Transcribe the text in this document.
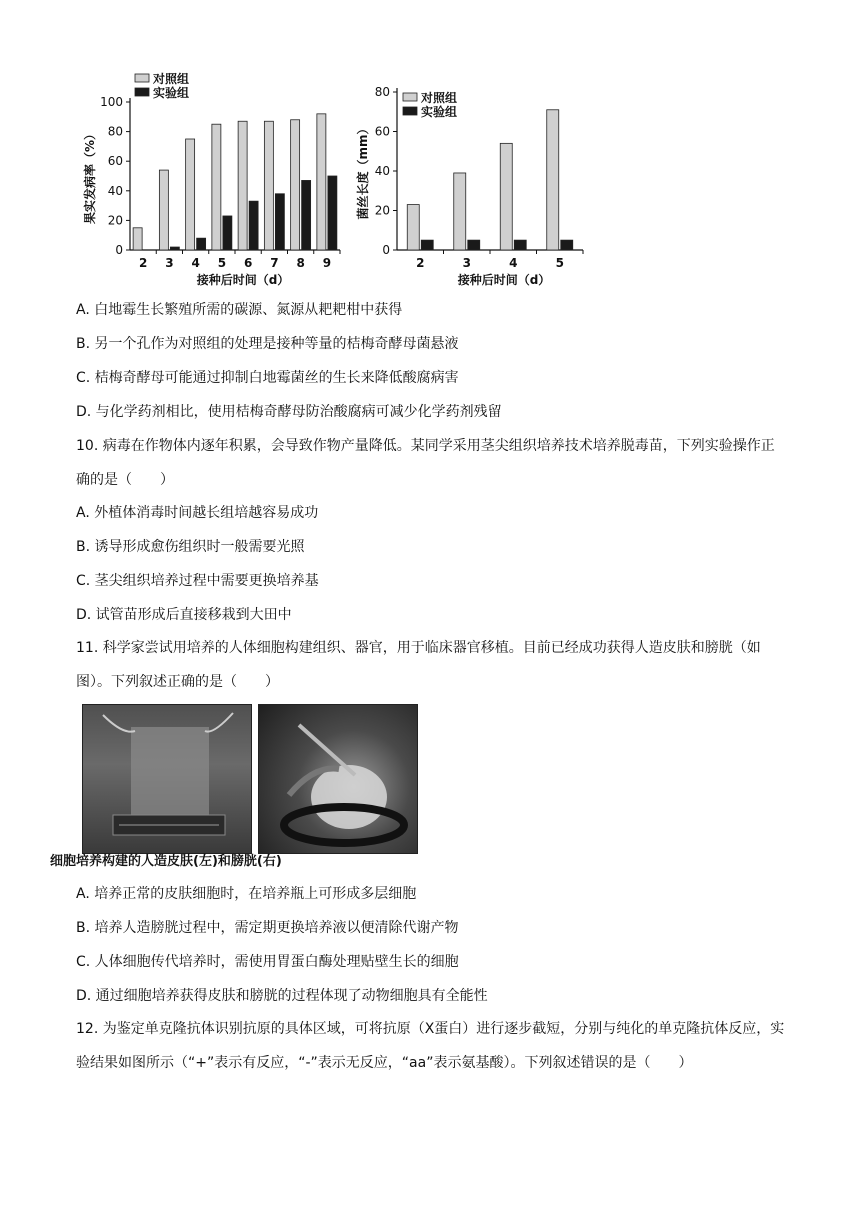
0
20
40
60
80
100
2 3 4 5 6 7 8 9
接种后时间（d）
果实发病率（%）
对照组
实验组
0
20
40
60
80
2	3	4	5
接种后时间（d）
菌丝长度（mm）
对照组
实验组
A. 白地霉生长繁殖所需的碳源、氮源从耙耙柑中获得
B. 另一个孔作为对照组的处理是接种等量的桔梅奇酵母菌悬液
C. 桔梅奇酵母可能通过抑制白地霉菌丝的生长来降低酸腐病害
D. 与化学药剂相比，使用桔梅奇酵母防治酸腐病可减少化学药剂残留
10. 病毒在作物体内逐年积累，会导致作物产量降低。某同学采用茎尖组织培养技术培养脱毒苗，下列实验操作正确的是（　　）
A. 外植体消毒时间越长组培越容易成功
B. 诱导形成愈伤组织时一般需要光照
C. 茎尖组织培养过程中需要更换培养基
D. 试管苗形成后直接移栽到大田中
11. 科学家尝试用培养的人体细胞构建组织、器官，用于临床器官移植。目前已经成功获得人造皮肤和膀胱（如图）。下列叙述正确的是（　　）
细胞培养构建的人造皮肤(左)和膀胱(右)
A. 培养正常的皮肤细胞时，在培养瓶上可形成多层细胞
B. 培养人造膀胱过程中，需定期更换培养液以便清除代谢产物
C. 人体细胞传代培养时，需使用胃蛋白酶处理贴壁生长的细胞
D. 通过细胞培养获得皮肤和膀胱的过程体现了动物细胞具有全能性
12. 为鉴定单克隆抗体识别抗原的具体区域，可将抗原（X蛋白）进行逐步截短，分别与纯化的单克隆抗体反应，实验结果如图所示（“+”表示有反应，“-”表示无反应，“aa”表示氨基酸）。下列叙述错误的是（　　）
